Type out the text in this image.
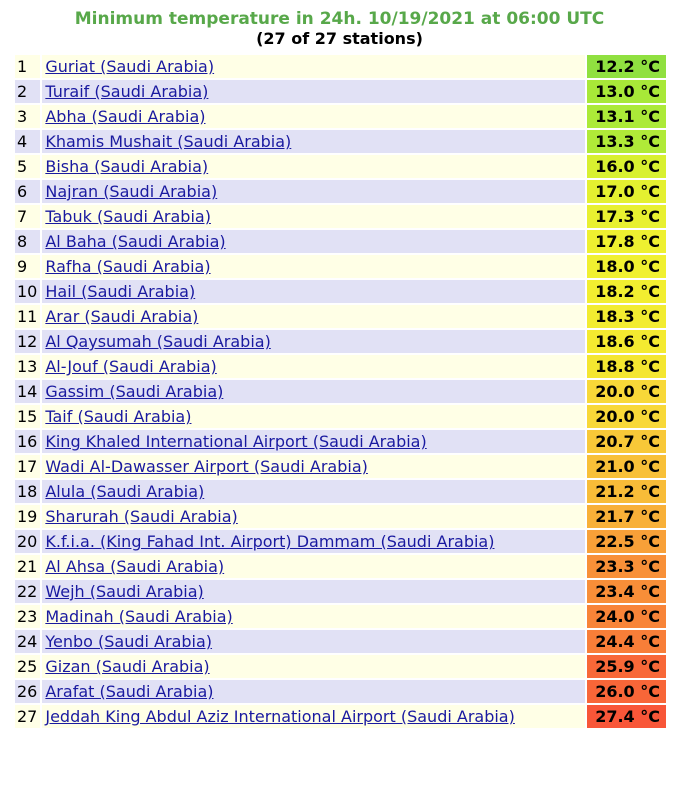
Minimum temperature in 24h. 10/19/2021 at 06:00 UTC
(27 of 27 stations)
1	Guriat (Saudi Arabia)	12.2 °C
2	Turaif (Saudi Arabia)	13.0 °C
3	Abha (Saudi Arabia)	13.1 °C
4	Khamis Mushait (Saudi Arabia)	13.3 °C
5	Bisha (Saudi Arabia)	16.0 °C
6	Najran (Saudi Arabia)	17.0 °C
7	Tabuk (Saudi Arabia)	17.3 °C
8	Al Baha (Saudi Arabia)	17.8 °C
9	Rafha (Saudi Arabia)	18.0 °C
10	Hail (Saudi Arabia)	18.2 °C
11	Arar (Saudi Arabia)	18.3 °C
12	Al Qaysumah (Saudi Arabia)	18.6 °C
13	Al-Jouf (Saudi Arabia)	18.8 °C
14	Gassim (Saudi Arabia)	20.0 °C
15	Taif (Saudi Arabia)	20.0 °C
16	King Khaled International Airport (Saudi Arabia)	20.7 °C
17	Wadi Al-Dawasser Airport (Saudi Arabia)	21.0 °C
18	Alula (Saudi Arabia)	21.2 °C
19	Sharurah (Saudi Arabia)	21.7 °C
20	K.f.i.a. (King Fahad Int. Airport) Dammam (Saudi Arabia)	22.5 °C
21	Al Ahsa (Saudi Arabia)	23.3 °C
22	Wejh (Saudi Arabia)	23.4 °C
23	Madinah (Saudi Arabia)	24.0 °C
24	Yenbo (Saudi Arabia)	24.4 °C
25	Gizan (Saudi Arabia)	25.9 °C
26	Arafat (Saudi Arabia)	26.0 °C
27	Jeddah King Abdul Aziz International Airport (Saudi Arabia)	27.4 °C
